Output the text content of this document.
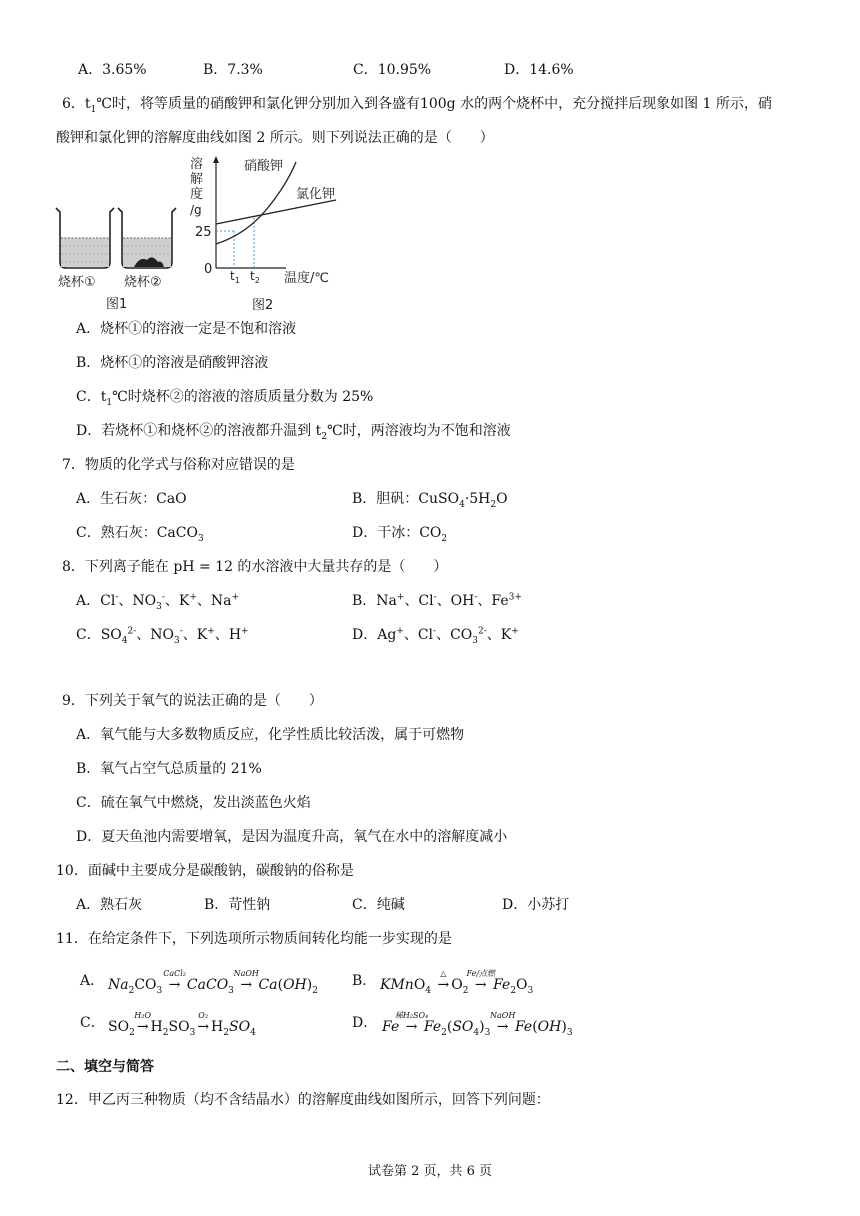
A．3.65%	B．7.3%	C．10.95%	D．14.6%
6．$t_1℃$时，将等质量的硝酸钾和氯化钾分别加入到各盛有100g 水的两个烧杯中，充分搅拌后现象如图 1 所示，硝
酸钾和氯化钾的溶解度曲线如图 2 所示。则下列说法正确的是（　　）
烧杯① 烧杯②
图1
溶
解
度
/g
硝酸钾
氯化钾
25
0 $t_1$ $t_2$ 温度/℃
图2
A．烧杯①的溶液一定是不饱和溶液
B．烧杯①的溶液是硝酸钾溶液
C．$t_1℃$时烧杯②的溶液的溶质质量分数为 25%
D．若烧杯①和烧杯②的溶液都升温到 $t_2℃$时，两溶液均为不饱和溶液
7．物质的化学式与俗称对应错误的是
A．生石灰：CaO	B．胆矾：$CuSO_4\cdot 5H_2O$
C．熟石灰：CaCO$_3$	D．干冰：$CO_2$
8．下列离子能在 pH = 12 的水溶液中大量共存的是（　　）
A．Cl-、$NO_3^-$、K+、Na+	B．Na+、Cl-、OH-、$Fe^{3+}$
C．$SO_4^{2-}$、$NO_3^-$、K+、H+	D．Ag+、Cl-、$CO_3^{2-}$、K+
9．下列关于氧气的说法正确的是（　　）
A．氧气能与大多数物质反应，化学性质比较活泼，属于可燃物
B．氧气占空气总质量的 21%
C．硫在氧气中燃烧，发出淡蓝色火焰
D．夏天鱼池内需要增氧，是因为温度升高，氧气在水中的溶解度减小
10．面碱中主要成分是碳酸钠，碳酸钠的俗称是
A．熟石灰	B．苛性钠	C．纯碱	D．小苏打
11．在给定条件下，下列选项所示物质间转化均能一步实现的是
A． $Na_2CO_3$
CaCl₂
→ CaCO$_3$
NaOH
→ $Ca(OH)_2$
B． KMnO$_4$
△
→ $O_2$
Fe/点燃
→ $Fe_2O_3$
C． $SO_2$
H₂O
→ $H_2SO_3$
O₂
→ $H_2SO_4$
D． Fe
稀H₂SO₄
→ $Fe_2(SO_4)_3$
NaOH
→ $Fe(OH)_3$
二、填空与简答
12．甲乙丙三种物质（均不含结晶水）的溶解度曲线如图所示，回答下列问题：
试卷第 2 页，共 6 页
